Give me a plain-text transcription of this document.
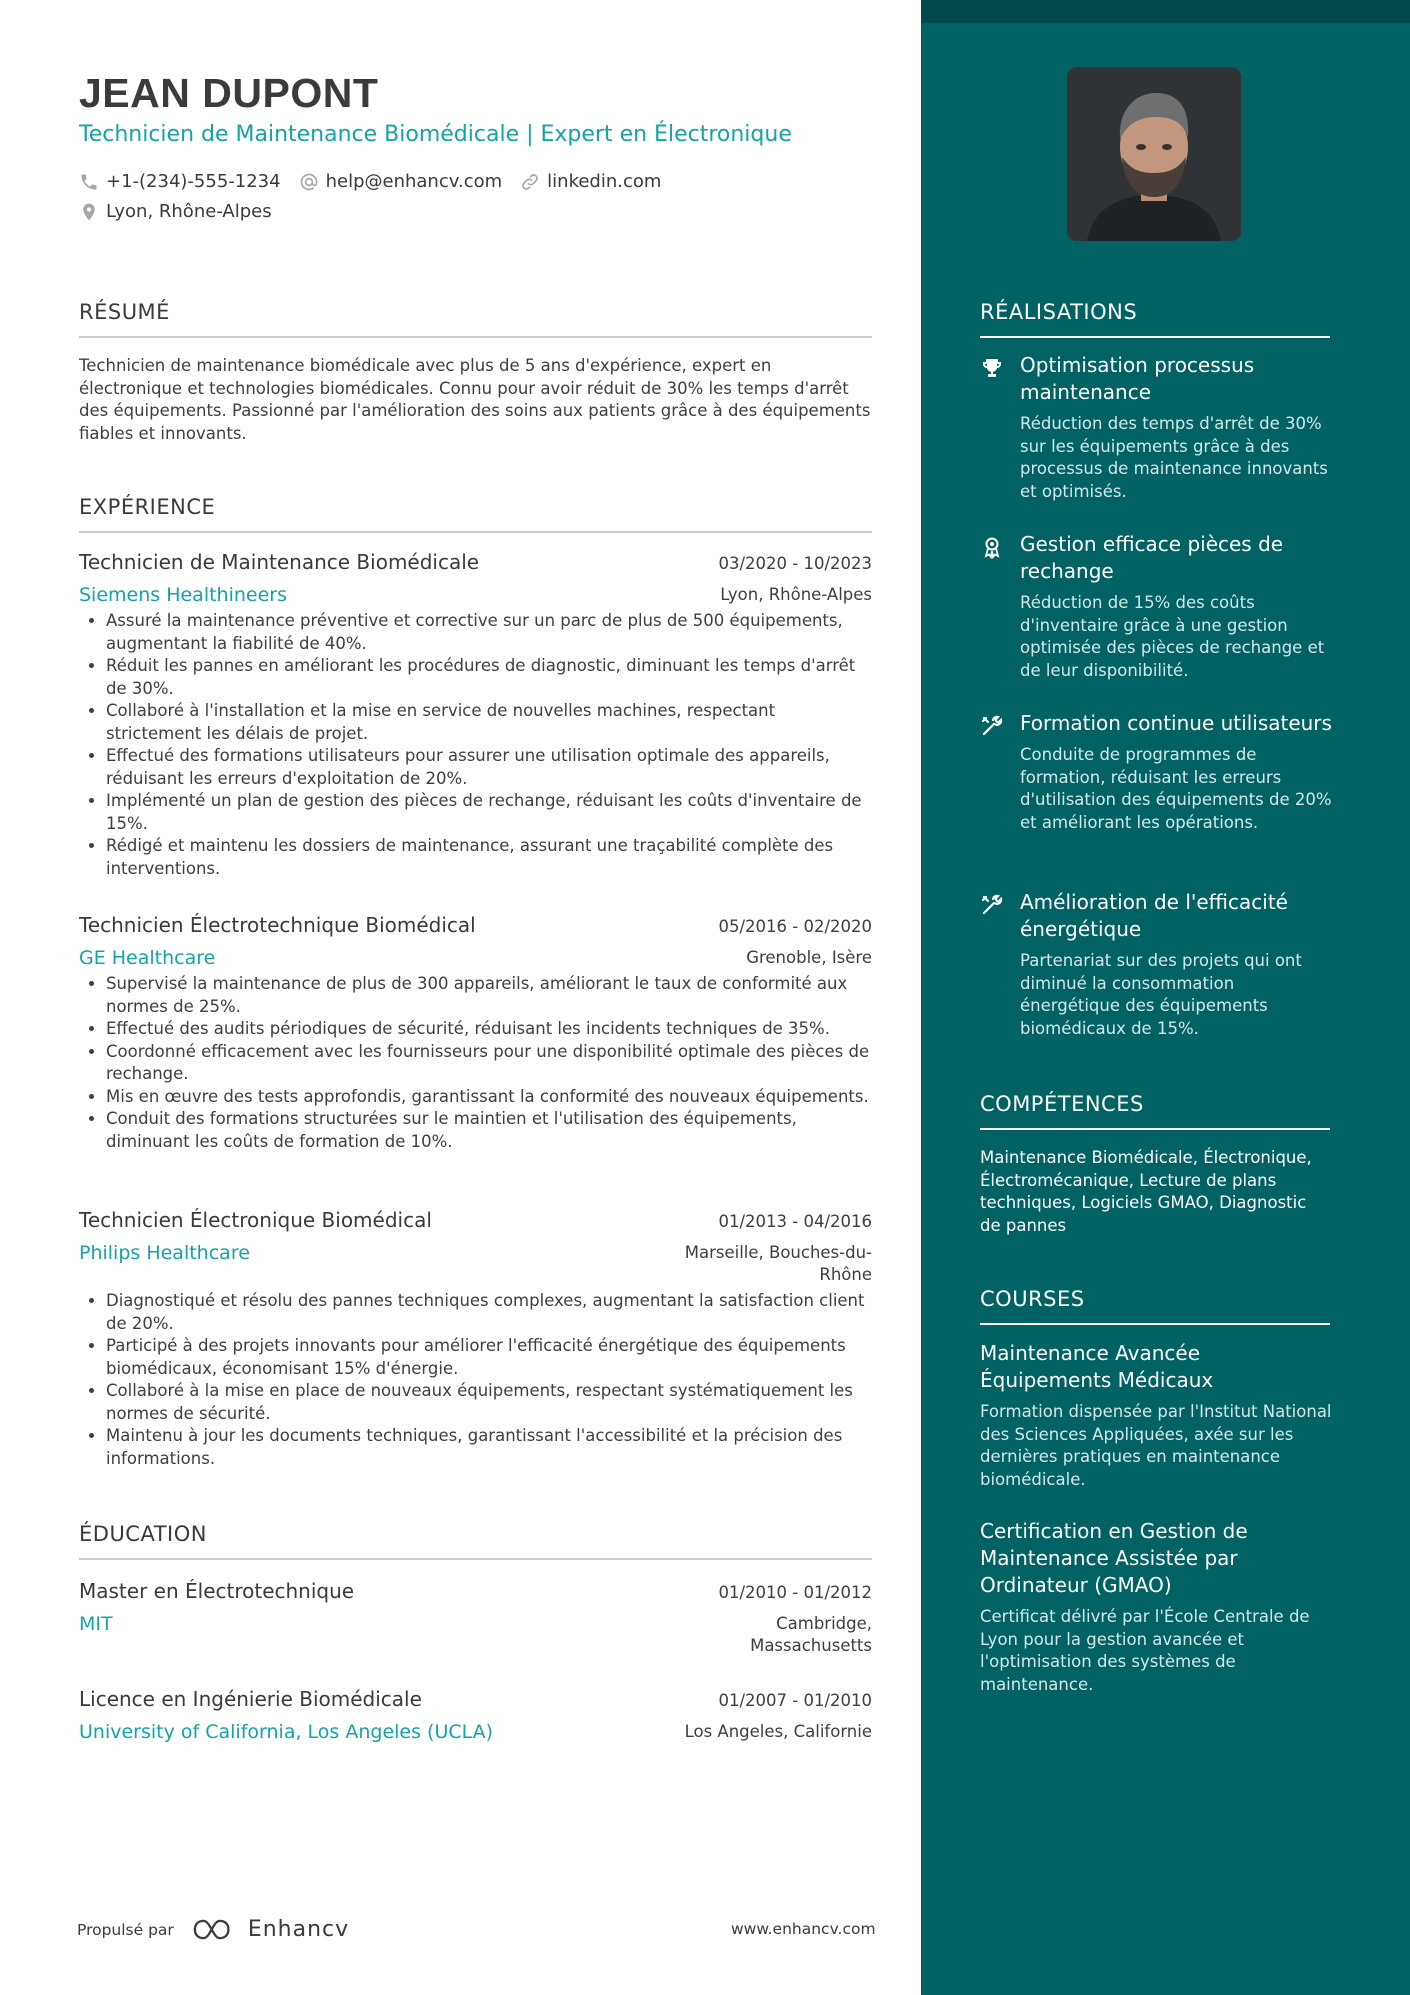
JEAN DUPONT
Technicien de Maintenance Biomédicale | Expert en Électronique
+1-(234)-555-1234	help@enhancv.com	linkedin.com
Lyon, Rhône-Alpes
RÉSUMÉ
Technicien de maintenance biomédicale avec plus de 5 ans d'expérience, expert en électronique et technologies biomédicales. Connu pour avoir réduit de 30% les temps d'arrêt des équipements. Passionné par l'amélioration des soins aux patients grâce à des équipements fiables et innovants.
EXPÉRIENCE
Technicien de Maintenance Biomédicale	03/2020 - 10/2023
Siemens Healthineers	Lyon, Rhône-Alpes
• Assuré la maintenance préventive et corrective sur un parc de plus de 500 équipements, augmentant la fiabilité de 40%.
• Réduit les pannes en améliorant les procédures de diagnostic, diminuant les temps d'arrêt de 30%.
• Collaboré à l'installation et la mise en service de nouvelles machines, respectant strictement les délais de projet.
• Effectué des formations utilisateurs pour assurer une utilisation optimale des appareils, réduisant les erreurs d'exploitation de 20%.
• Implémenté un plan de gestion des pièces de rechange, réduisant les coûts d'inventaire de 15%.
• Rédigé et maintenu les dossiers de maintenance, assurant une traçabilité complète des interventions.
Technicien Électrotechnique Biomédical	05/2016 - 02/2020
GE Healthcare	Grenoble, Isère
• Supervisé la maintenance de plus de 300 appareils, améliorant le taux de conformité aux normes de 25%.
• Effectué des audits périodiques de sécurité, réduisant les incidents techniques de 35%.
• Coordonné efficacement avec les fournisseurs pour une disponibilité optimale des pièces de rechange.
• Mis en œuvre des tests approfondis, garantissant la conformité des nouveaux équipements.
• Conduit des formations structurées sur le maintien et l'utilisation des équipements, diminuant les coûts de formation de 10%.
Technicien Électronique Biomédical	01/2013 - 04/2016
Philips Healthcare	Marseille, Bouches-du-Rhône
• Diagnostiqué et résolu des pannes techniques complexes, augmentant la satisfaction client de 20%.
• Participé à des projets innovants pour améliorer l'efficacité énergétique des équipements biomédicaux, économisant 15% d'énergie.
• Collaboré à la mise en place de nouveaux équipements, respectant systématiquement les normes de sécurité.
• Maintenu à jour les documents techniques, garantissant l'accessibilité et la précision des informations.
ÉDUCATION
Master en Électrotechnique	01/2010 - 01/2012
MIT	Cambridge, Massachusetts
Licence en Ingénierie Biomédicale	01/2007 - 01/2010
University of California, Los Angeles (UCLA)	Los Angeles, Californie
RÉALISATIONS
Optimisation processus maintenance
Réduction des temps d'arrêt de 30% sur les équipements grâce à des processus de maintenance innovants et optimisés.
Gestion efficace pièces de rechange
Réduction de 15% des coûts d'inventaire grâce à une gestion optimisée des pièces de rechange et de leur disponibilité.
Formation continue utilisateurs
Conduite de programmes de formation, réduisant les erreurs d'utilisation des équipements de 20% et améliorant les opérations.
Amélioration de l'efficacité énergétique
Partenariat sur des projets qui ont diminué la consommation énergétique des équipements biomédicaux de 15%.
COMPÉTENCES
Maintenance Biomédicale, Électronique, Électromécanique, Lecture de plans techniques, Logiciels GMAO, Diagnostic de pannes
COURSES
Maintenance Avancée Équipements Médicaux
Formation dispensée par l'Institut National des Sciences Appliquées, axée sur les dernières pratiques en maintenance biomédicale.
Certification en Gestion de Maintenance Assistée par Ordinateur (GMAO)
Certificat délivré par l'École Centrale de Lyon pour la gestion avancée et l'optimisation des systèmes de maintenance.
Propulsé par	Enhancv	www.enhancv.com
